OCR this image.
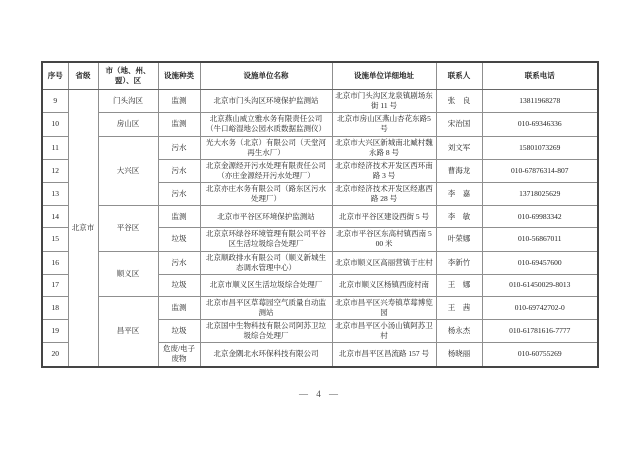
序号	省级	市（地、州、盟）、区	设施种类	设施单位名称	设施单位详细地址	联系人	联系电话
9	北京市	门头沟区	监测	北京市门头沟区环境保护监测站	北京市门头沟区龙泉镇剧场东街 11 号	张　良	13811968278
10		房山区	监测	北京燕山威立雅水务有限责任公司（牛口峪湿地公园水质数据监测仪）	北京市房山区燕山杏花东路5号	宋治国	010-69346336
11		大兴区	污水	光大水务（北京）有限公司（天堂河再生水厂）	北京市大兴区新城南北臧村魏永路 8 号	刘文军	15801073269
12			污水	北京金源经开污水处理有限责任公司（亦庄金源经开污水处理厂）	北京市经济技术开发区西环南路 3 号	曹海龙	010-67876314-807
13			污水	北京亦庄水务有限公司（路东区污水处理厂）	北京市经济技术开发区经惠西路 28 号	李　嘉	13718025629
14		平谷区	监测	北京市平谷区环境保护监测站	北京市平谷区建设西街 5 号	李　敏	010-69983342
15			垃圾	北京京环绿谷环境管理有限公司平谷区生活垃圾综合处理厂	北京市平谷区东高村镇西南 500 米	叶荣娜	010-56867011
16		顺义区	污水	北京顺政排水有限公司（顺义新城生态调水管理中心）	北京市顺义区高丽营镇于庄村	李新竹	010-69457600
17			垃圾	北京市顺义区生活垃圾综合处理厂	北京市顺义区杨镇西庞村南	王　娜	010-61450029-8013
18		昌平区	监测	北京市昌平区草莓园空气质量自动监测站	北京市昌平区兴寿镇草莓博览园	王　茜	010-69742702-0
19			垃圾	北京国中生物科技有限公司阿苏卫垃圾综合处理厂	北京市昌平区小汤山镇阿苏卫村	杨永杰	010-61781616-7777
20			危废/电子废物	北京金隅北水环保科技有限公司	北京市昌平区昌流路 157 号	杨晓丽	010-60755269
— 4 —
